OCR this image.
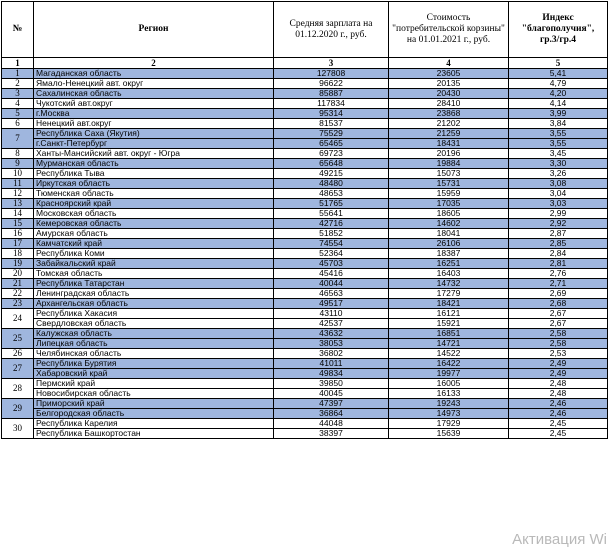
№	Регион	Средняя зарплата на 01.12.2020 г., руб.	Стоимость "потребительской корзины" на 01.01.2021 г., руб.	Индекс "благополучия", гр.3/гр.4
1	2	3	4	5
1	Магаданская область	127808	23605	5,41
2	Ямало-Ненецкий авт. округ	96622	20135	4,79
3	Сахалинская область	85887	20430	4,20
4	Чукотский авт.округ	117834	28410	4,14
5	г.Москва	95314	23868	3,99
6	Ненецкий авт.округ	81537	21202	3,84
7	Республика Саха (Якутия)	75529	21259	3,55
	г.Санкт-Петербург	65465	18431	3,55
8	Ханты-Мансийский авт. округ - Югра	69723	20196	3,45
9	Мурманская область	65648	19884	3,30
10	Республика Тыва	49215	15073	3,26
11	Иркутская область	48480	15731	3,08
12	Тюменская область	48653	15959	3,04
13	Красноярский край	51765	17035	3,03
14	Московская область	55641	18605	2,99
15	Кемеровская область	42716	14602	2,92
16	Амурская область	51852	18041	2,87
17	Камчатский край	74554	26106	2,85
18	Республика Коми	52364	18387	2,84
19	Забайкальский край	45703	16251	2,81
20	Томская область	45416	16403	2,76
21	Республика Татарстан	40044	14732	2,71
22	Ленинградская область	46563	17279	2,69
23	Архангельская область	49517	18421	2,68
24	Республика Хакасия	43110	16121	2,67
	Свердловская область	42537	15921	2,67
25	Калужская область	43632	16851	2,58
	Липецкая область	38053	14721	2,58
26	Челябинская область	36802	14522	2,53
27	Республика Бурятия	41011	16422	2,49
	Хабаровский край	49834	19977	2,49
28	Пермский край	39850	16005	2,48
	Новосибирская область	40045	16133	2,48
29	Приморский край	47397	19243	2,46
	Белгородская область	36864	14973	2,46
30	Республика Карелия	44048	17929	2,45
	Республика Башкортостан	38397	15639	2,45
Активация Wi
